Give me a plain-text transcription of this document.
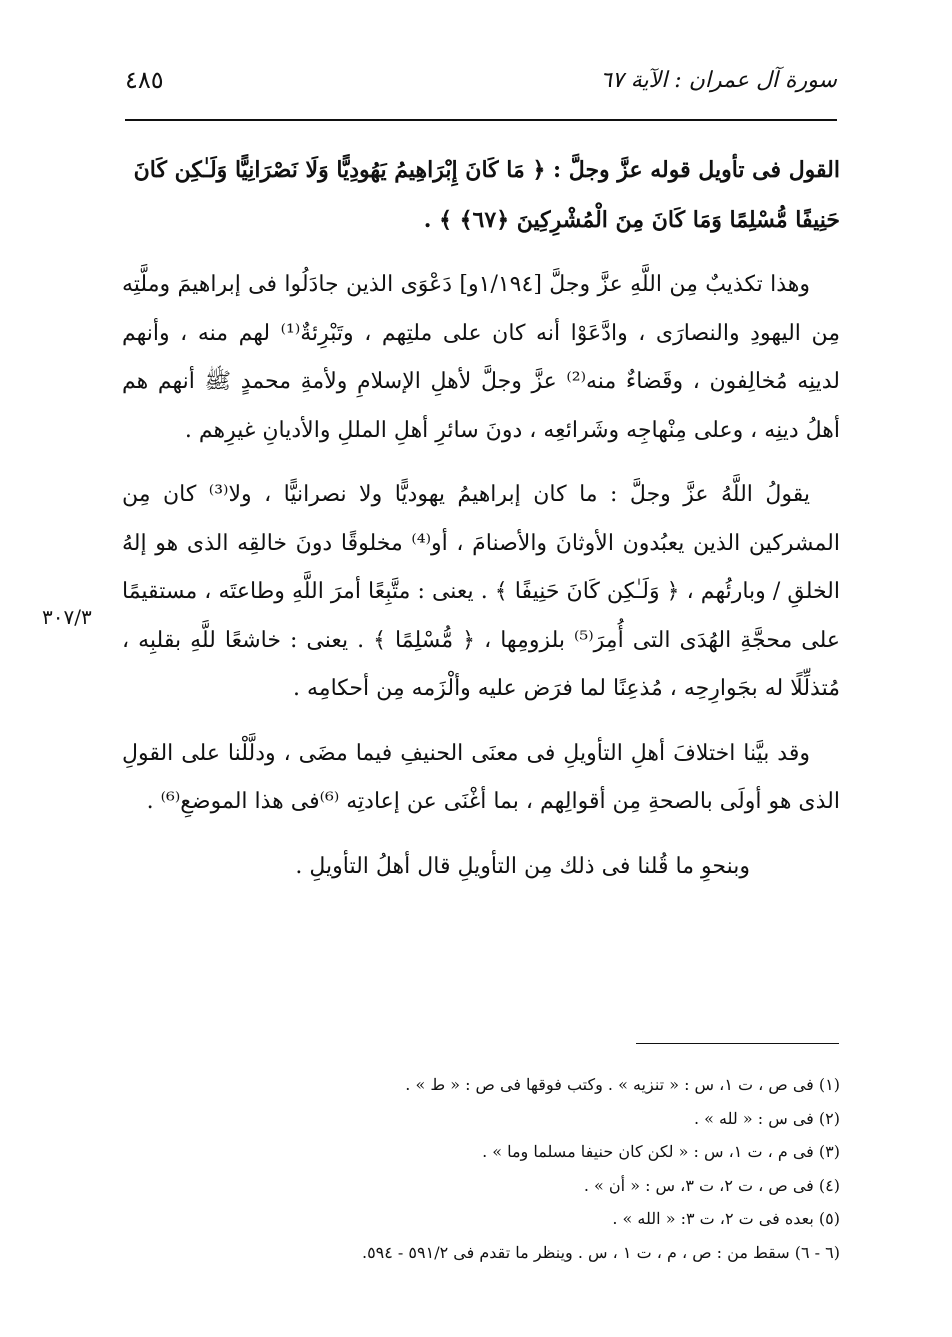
سورة آل عمران : الآية ٦٧
٤٨٥

القول فى تأويل قوله عزَّ وجلَّ : ﴿ مَا كَانَ إِبْرَاهِيمُ يَهُودِيًّا وَلَا نَصْرَانِيًّا وَلَـٰكِن كَانَ حَنِيفًا مُّسْلِمًا وَمَا كَانَ مِنَ الْمُشْرِكِينَ ﴿٦٧﴾ ﴾ .

وهذا تكذيبٌ مِن اللَّهِ عزَّ وجلَّ [١/١٩٤و] دَعْوَى الذين جادَلُوا فى إبراهيمَ وملَّتِه مِن اليهودِ والنصارَى ، وادَّعَوْا أنه كان على ملتِهم ، وتَبْرِئةٌ⁽¹⁾ لهم منه ، وأنهم لدينِه مُخالِفون ، وقَضاءٌ منه⁽²⁾ عزَّ وجلَّ لأهلِ الإسلامِ ولأمةِ محمدٍ ﷺ أنهم هم أهلُ دينِه ، وعلى مِنْهاجِه وشَرائعِه ، دونَ سائرِ أهلِ المللِ والأديانِ غيرِهم .

يقولُ اللَّهُ عزَّ وجلَّ : ما كان إبراهيمُ يهوديًّا ولا نصرانيًّا ، ولا⁽³⁾ كان مِن المشركين الذين يعبُدون الأوثانَ والأصنامَ ، أو⁽⁴⁾ مخلوقًا دونَ خالقِه الذى هو إلهُ الخلقِ / وبارئُهم ، ﴿ وَلَـٰكِن كَانَ حَنِيفًا ﴾ . يعنى : متَّبِعًا أمرَ اللَّهِ وطاعتَه ، مستقيمًا على محجَّةِ الهُدَى التى أُمِرَ⁽⁵⁾ بلزومِها ، ﴿ مُّسْلِمًا ﴾ . يعنى : خاشعًا للَّهِ بقلبِه ، مُتذلِّلًا له بجَوارِحِه ، مُذعِنًا لما فرَض عليه وألْزَمه مِن أحكامِه .

وقد بيَّنا اختلافَ أهلِ التأويلِ فى معنَى الحنيفِ فيما مضَى ، ودلَّلْنا على القولِ الذى هو أولَى بالصحةِ مِن أقوالِهم ، بما أغْنَى عن إعادتِه ⁽⁶⁾فى هذا الموضعِ⁽⁶⁾ .

وبنحوِ ما قُلنا فى ذلك مِن التأويلِ قال أهلُ التأويلِ .

٣٠٧/٣

(١) فى ص ، ت ١، س : « تنزيه » . وكتب فوقها فى ص : « ط » .

(٢) فى س : « لله » .

(٣) فى م ، ت ١، س : « لكن كان حنيفا مسلما وما » .

(٤) فى ص ، ت ٢، ت ٣، س : « أن » .

(٥) بعده فى ت ٢، ت ٣: « الله » .

(٦ - ٦) سقط من : ص ، م ، ت ١ ، س . وينظر ما تقدم فى ٥٩١/٢ - ٥٩٤.
